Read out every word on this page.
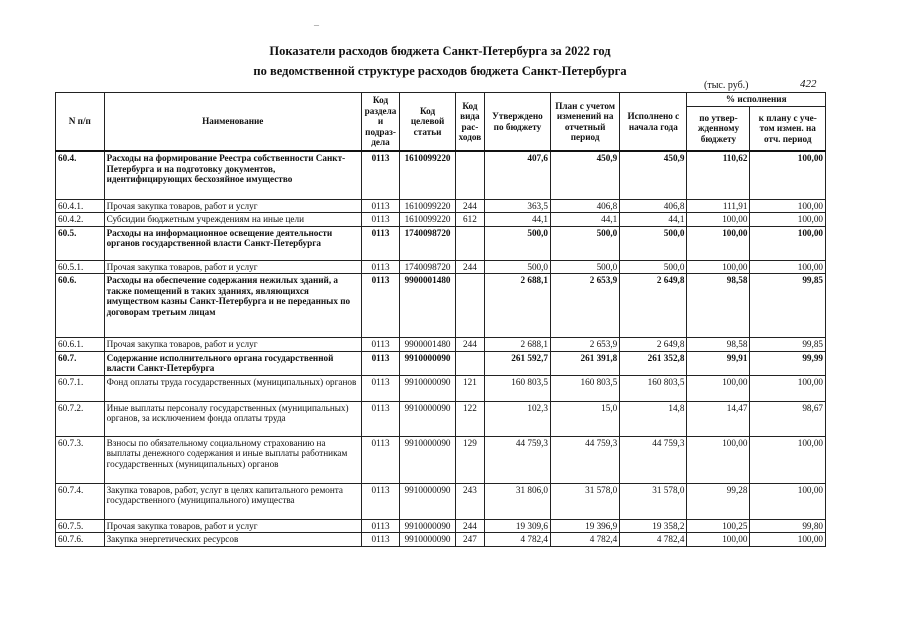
–
Показатели расходов бюджета Санкт-Петербурга за 2022 год
по ведомственной структуре расходов бюджета Санкт-Петербурга
(тыс. руб.)	422
N п/п	Наименование	Код раздела и подраз-дела	Код целевой статьи	Код вида рас-ходов	Утверждено по бюджету	План с учетом изменений на отчетный период	Исполнено с начала года	% исполнения	
								по утвер-жденному бюджету	к плану с уче-том измен. на отч. период
60.4.	Расходы на формирование Реестра собственности Санкт-Петербурга и на подготовку документов, идентифицирующих бесхозяйное имущество	0113	1610099220		407,6	450,9	450,9	110,62	100,00
60.4.1.	Прочая закупка товаров, работ и услуг	0113	1610099220	244	363,5	406,8	406,8	111,91	100,00
60.4.2.	Субсидии бюджетным учреждениям на иные цели	0113	1610099220	612	44,1	44,1	44,1	100,00	100,00
60.5.	Расходы на информационное освещение деятельности органов государственной власти Санкт-Петербурга	0113	1740098720		500,0	500,0	500,0	100,00	100,00
60.5.1.	Прочая закупка товаров, работ и услуг	0113	1740098720	244	500,0	500,0	500,0	100,00	100,00
60.6.	Расходы на обеспечение содержания нежилых зданий, а также помещений в таких зданиях, являющихся имуществом казны Санкт-Петербурга и не переданных по договорам третьим лицам	0113	9900001480		2 688,1	2 653,9	2 649,8	98,58	99,85
60.6.1.	Прочая закупка товаров, работ и услуг	0113	9900001480	244	2 688,1	2 653,9	2 649,8	98,58	99,85
60.7.	Содержание исполнительного органа государственной власти Санкт-Петербурга	0113	9910000090		261 592,7	261 391,8	261 352,8	99,91	99,99
60.7.1.	Фонд оплаты труда государственных (муниципальных) органов	0113	9910000090	121	160 803,5	160 803,5	160 803,5	100,00	100,00
60.7.2.	Иные выплаты персоналу государственных (муниципальных) органов, за исключением фонда оплаты труда	0113	9910000090	122	102,3	15,0	14,8	14,47	98,67
60.7.3.	Взносы по обязательному социальному страхованию на выплаты денежного содержания и иные выплаты работникам государственных (муниципальных) органов	0113	9910000090	129	44 759,3	44 759,3	44 759,3	100,00	100,00
60.7.4.	Закупка товаров, работ, услуг в целях капитального ремонта государственного (муниципального) имущества	0113	9910000090	243	31 806,0	31 578,0	31 578,0	99,28	100,00
60.7.5.	Прочая закупка товаров, работ и услуг	0113	9910000090	244	19 309,6	19 396,9	19 358,2	100,25	99,80
60.7.6.	Закупка энергетических ресурсов	0113	9910000090	247	4 782,4	4 782,4	4 782,4	100,00	100,00
